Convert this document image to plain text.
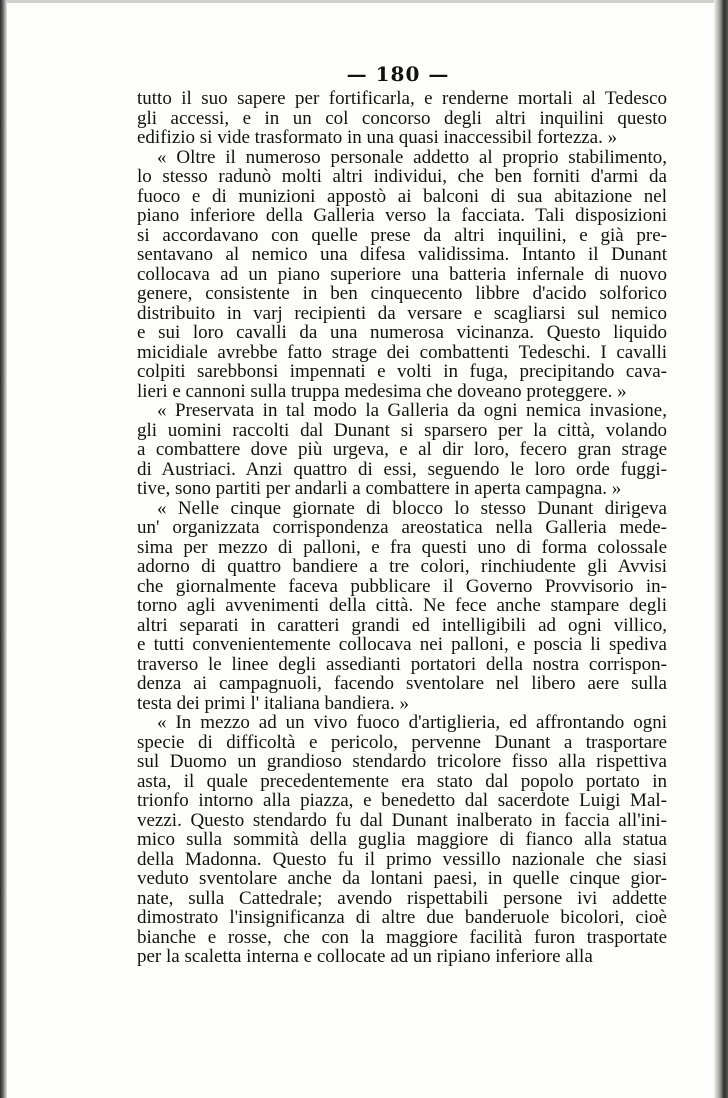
— 180 —
tutto il suo sapere per fortificarla, e renderne mortali al Tedesco
gli accessi, e in un col concorso degli altri inquilini questo
edifizio si vide trasformato in una quasi inaccessibil fortezza. »
« Oltre il numeroso personale addetto al proprio stabilimento,
lo stesso radunò molti altri individui, che ben forniti d'armi da
fuoco e di munizioni appostò ai balconi di sua abitazione nel
piano inferiore della Galleria verso la facciata. Tali disposizioni
si accordavano con quelle prese da altri inquilini, e già pre-
sentavano al nemico una difesa validissima. Intanto il Dunant
collocava ad un piano superiore una batteria infernale di nuovo
genere, consistente in ben cinquecento libbre d'acido solforico
distribuito in varj recipienti da versare e scagliarsi sul nemico
e sui loro cavalli da una numerosa vicinanza. Questo liquido
micidiale avrebbe fatto strage dei combattenti Tedeschi. I cavalli
colpiti sarebbonsi impennati e volti in fuga, precipitando cava-
lieri e cannoni sulla truppa medesima che doveano proteggere. »
« Preservata in tal modo la Galleria da ogni nemica invasione,
gli uomini raccolti dal Dunant si sparsero per la città, volando
a combattere dove più urgeva, e al dir loro, fecero gran strage
di Austriaci. Anzi quattro di essi, seguendo le loro orde fuggi-
tive, sono partiti per andarli a combattere in aperta campagna. »
« Nelle cinque giornate di blocco lo stesso Dunant dirigeva
un' organizzata corrispondenza areostatica nella Galleria mede-
sima per mezzo di palloni, e fra questi uno di forma colossale
adorno di quattro bandiere a tre colori, rinchiudente gli Avvisi
che giornalmente faceva pubblicare il Governo Provvisorio in-
torno agli avvenimenti della città. Ne fece anche stampare degli
altri separati in caratteri grandi ed intelligibili ad ogni villico,
e tutti convenientemente collocava nei palloni, e poscia li spediva
traverso le linee degli assedianti portatori della nostra corrispon-
denza ai campagnuoli, facendo sventolare nel libero aere sulla
testa dei primi l' italiana bandiera. »
« In mezzo ad un vivo fuoco d'artiglieria, ed affrontando ogni
specie di difficoltà e pericolo, pervenne Dunant a trasportare
sul Duomo un grandioso stendardo tricolore fisso alla rispettiva
asta, il quale precedentemente era stato dal popolo portato in
trionfo intorno alla piazza, e benedetto dal sacerdote Luigi Mal-
vezzi. Questo stendardo fu dal Dunant inalberato in faccia all'ini-
mico sulla sommità della guglia maggiore di fianco alla statua
della Madonna. Questo fu il primo vessillo nazionale che siasi
veduto sventolare anche da lontani paesi, in quelle cinque gior-
nate, sulla Cattedrale; avendo rispettabili persone ivi addette
dimostrato l'insignificanza di altre due banderuole bicolori, cioè
bianche e rosse, che con la maggiore facilità furon trasportate
per la scaletta interna e collocate ad un ripiano inferiore alla
